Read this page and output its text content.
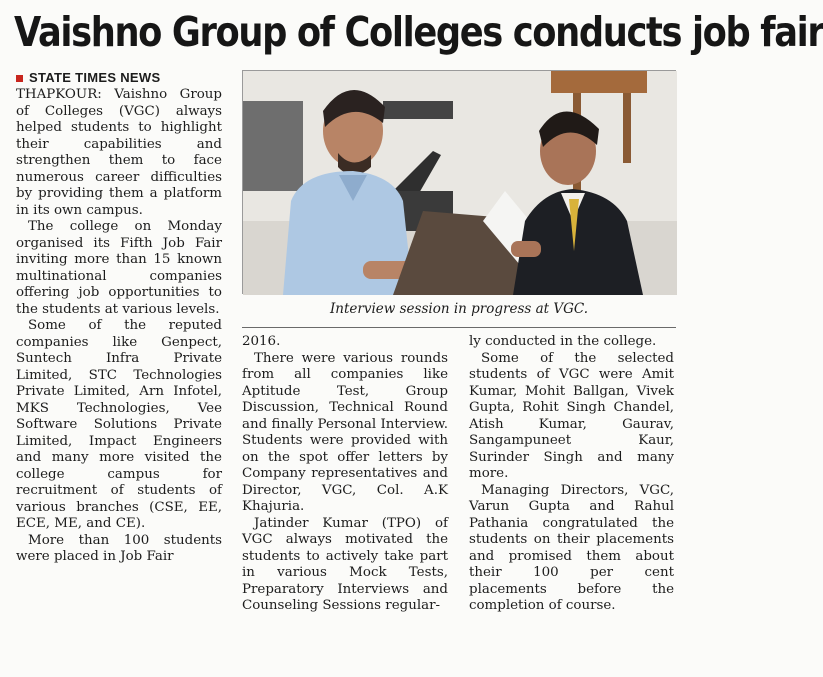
Vaishno Group of Colleges conducts job fair
STATE TIMES NEWS

THAPKOUR: Vaishno Group of Colleges (VGC) always helped students to highlight their capabilities and strengthen them to face numerous career difficulties by providing them a platform in its own campus.

The college on Monday organised its Fifth Job Fair inviting more than 15 known multinational companies offering job opportunities to the students at various levels.

Some of the reputed companies like Genpect, Suntech Infra Private Limited, STC Technologies Private Limited, Arn Infotel, MKS Technologies, Vee Software Solutions Private Limited, Impact Engineers and many more visited the college campus for recruitment of students of various branches (CSE, EE, ECE, ME, and CE).

More than 100 students were placed in Job Fair

Interview session in progress at VGC.

2016.

There were various rounds from all companies like Aptitude Test, Group Discussion, Technical Round and finally Personal Interview. Students were provided with on the spot offer letters by Company representatives and Director, VGC, Col. A.K Khajuria.

Jatinder Kumar (TPO) of VGC always motivated the students to actively take part in various Mock Tests, Preparatory Interviews and Counseling Sessions regular-

ly conducted in the college.

Some of the selected students of VGC were Amit Kumar, Mohit Ballgan, Vivek Gupta, Rohit Singh Chandel, Atish Kumar, Gaurav, Sangampuneet Kaur, Surinder Singh and many more.

Managing Directors, VGC, Varun Gupta and Rahul Pathania congratulated the students on their placements and promised them about their 100 per cent placements before the completion of course.
